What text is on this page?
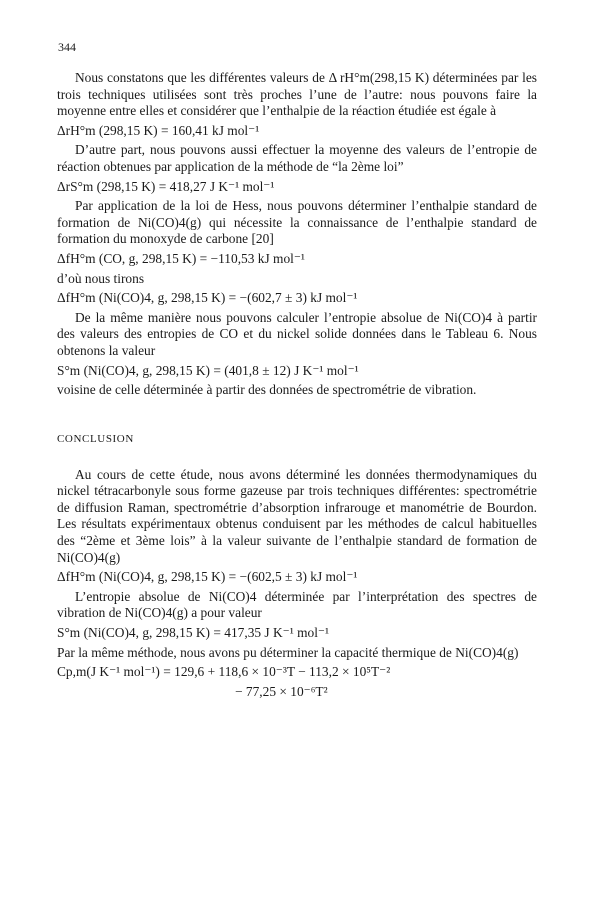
344

Nous constatons que les différentes valeurs de Δ rH°m(298,15 K) déterminées par les trois techniques utilisées sont très proches l’une de l’autre: nous pouvons faire la moyenne entre elles et considérer que l’enthalpie de la réaction étudiée est égale à

ΔrH°m (298,15 K) = 160,41 kJ mol⁻¹

D’autre part, nous pouvons aussi effectuer la moyenne des valeurs de l’entropie de réaction obtenues par application de la méthode de “la 2ème loi”

ΔrS°m (298,15 K) = 418,27 J K⁻¹ mol⁻¹

Par application de la loi de Hess, nous pouvons déterminer l’enthalpie standard de formation de Ni(CO)4(g) qui nécessite la connaissance de l’enthalpie standard de formation du monoxyde de carbone [20]

ΔfH°m (CO, g, 298,15 K) = −110,53 kJ mol⁻¹

d’où nous tirons

ΔfH°m (Ni(CO)4, g, 298,15 K) = −(602,7 ± 3) kJ mol⁻¹

De la même manière nous pouvons calculer l’entropie absolue de Ni(CO)4 à partir des valeurs des entropies de CO et du nickel solide données dans le Tableau 6. Nous obtenons la valeur

S°m (Ni(CO)4, g, 298,15 K) = (401,8 ± 12) J K⁻¹ mol⁻¹

voisine de celle déterminée à partir des données de spectrométrie de vibration.

CONCLUSION

Au cours de cette étude, nous avons déterminé les données thermodynamiques du nickel tétracarbonyle sous forme gazeuse par trois techniques différentes: spectrométrie de diffusion Raman, spectrométrie d’absorption infrarouge et manométrie de Bourdon. Les résultats expérimentaux obtenus conduisent par les méthodes de calcul habituelles des “2ème et 3ème lois” à la valeur suivante de l’enthalpie standard de formation de Ni(CO)4(g)

ΔfH°m (Ni(CO)4, g, 298,15 K) = −(602,5 ± 3) kJ mol⁻¹

L’entropie absolue de Ni(CO)4 déterminée par l’interprétation des spectres de vibration de Ni(CO)4(g) a pour valeur

S°m (Ni(CO)4, g, 298,15 K) = 417,35 J K⁻¹ mol⁻¹

Par la même méthode, nous avons pu déterminer la capacité thermique de Ni(CO)4(g)

Cp,m(J K⁻¹ mol⁻¹) = 129,6 + 118,6 × 10⁻³T − 113,2 × 10⁵T⁻²
− 77,25 × 10⁻⁶T²
